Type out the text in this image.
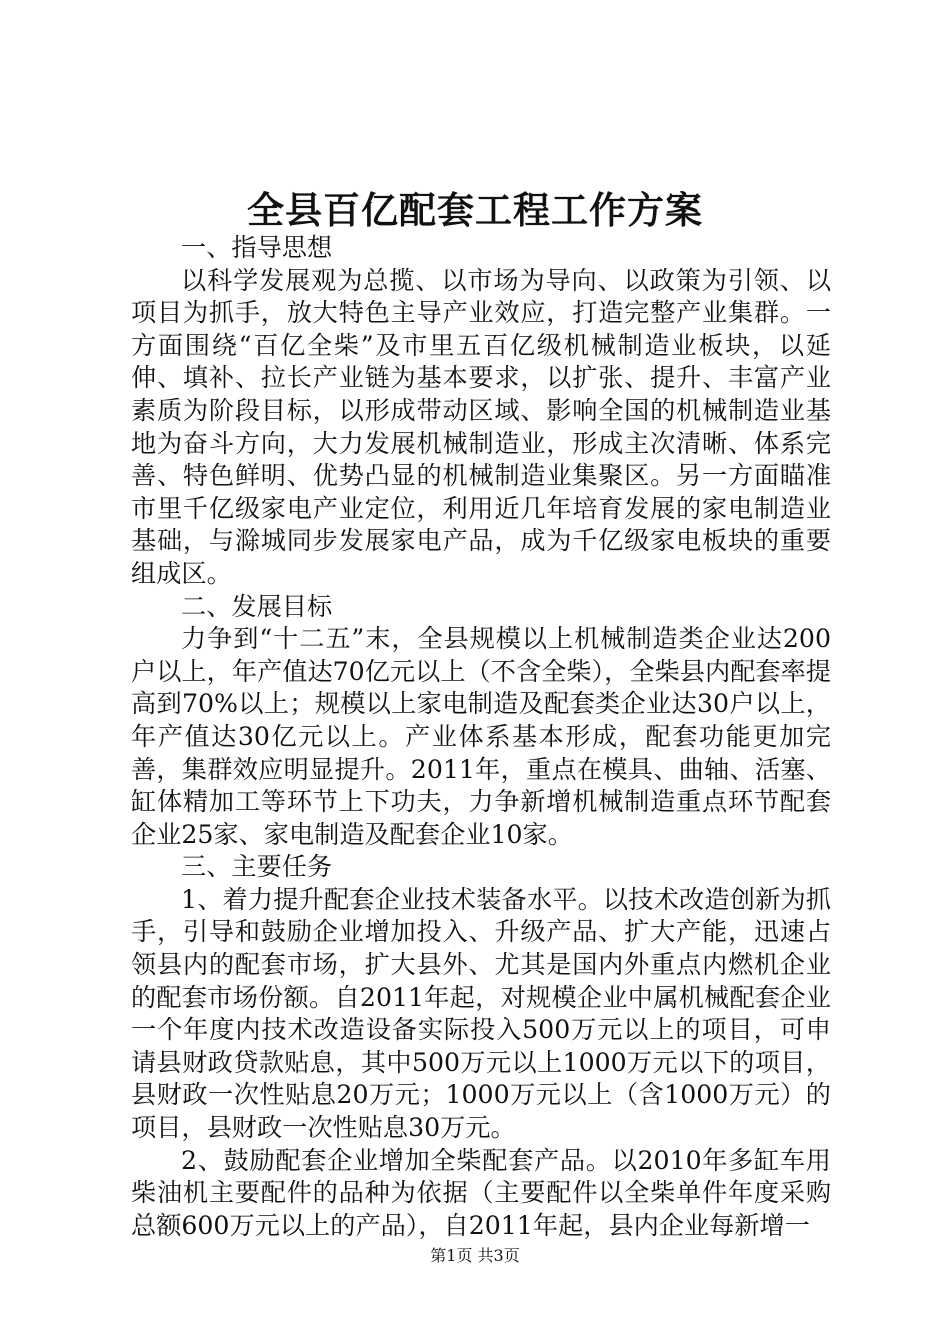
全县百亿配套工程工作方案

一、指导思想

以科学发展观为总揽、以市场为导向、以政策为引领、以项目为抓手，放大特色主导产业效应，打造完整产业集群。一方面围绕“百亿全柴”及市里五百亿级机械制造业板块，以延伸、填补、拉长产业链为基本要求，以扩张、提升、丰富产业素质为阶段目标，以形成带动区域、影响全国的机械制造业基地为奋斗方向，大力发展机械制造业，形成主次清晰、体系完善、特色鲜明、优势凸显的机械制造业集聚区。另一方面瞄准市里千亿级家电产业定位，利用近几年培育发展的家电制造业基础，与滁城同步发展家电产品，成为千亿级家电板块的重要组成区。

二、发展目标

力争到“十二五”末，全县规模以上机械制造类企业达200户以上，年产值达70亿元以上（不含全柴），全柴县内配套率提高到70%以上；规模以上家电制造及配套类企业达30户以上，年产值达30亿元以上。产业体系基本形成，配套功能更加完善，集群效应明显提升。2011年，重点在模具、曲轴、活塞、缸体精加工等环节上下功夫，力争新增机械制造重点环节配套企业25家、家电制造及配套企业10家。

三、主要任务

1、着力提升配套企业技术装备水平。以技术改造创新为抓手，引导和鼓励企业增加投入、升级产品、扩大产能，迅速占领县内的配套市场，扩大县外、尤其是国内外重点内燃机企业的配套市场份额。自2011年起，对规模企业中属机械配套企业一个年度内技术改造设备实际投入500万元以上的项目，可申请县财政贷款贴息，其中500万元以上1000万元以下的项目，县财政一次性贴息20万元；1000万元以上（含1000万元）的项目，县财政一次性贴息30万元。

2、鼓励配套企业增加全柴配套产品。以2010年多缸车用柴油机主要配件的品种为依据（主要配件以全柴单件年度采购总额600万元以上的产品），自2011年起，县内企业每新增一

第1页 共3页
